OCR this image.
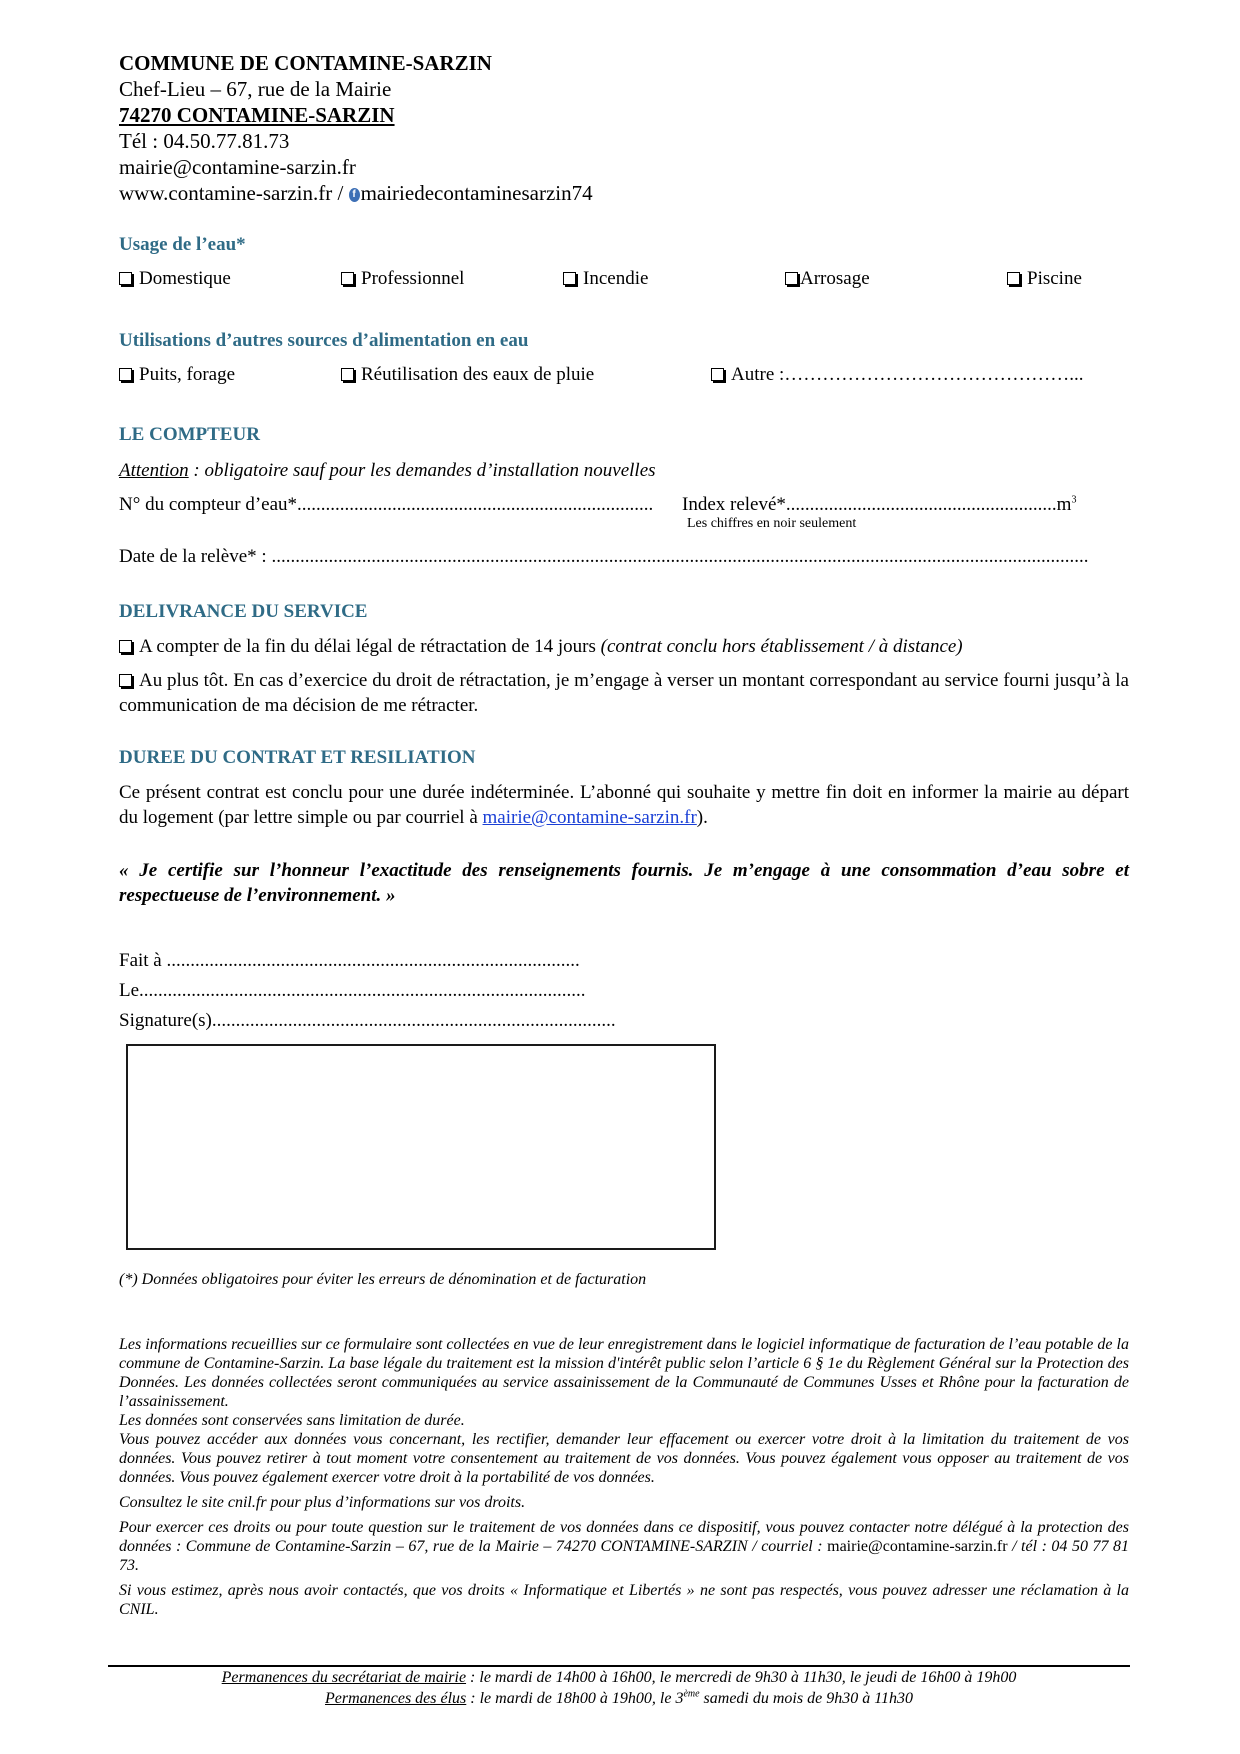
COMMUNE DE CONTAMINE-SARZIN
Chef-Lieu – 67, rue de la Mairie
74270 CONTAMINE-SARZIN
Tél : 04.50.77.81.73
mairie@contamine-sarzin.fr
www.contamine-sarzin.fr / f mairiedecontaminesarzin74
Usage de l’eau*
Domestique	Professionnel	Incendie	Arrosage	Piscine
Utilisations d’autres sources d’alimentation en eau
Puits, forage	Réutilisation des eaux de pluie	Autre :………………………………………...
LE COMPTEUR
Attention : obligatoire sauf pour les demandes d’installation nouvelles
N° du compteur d’eau*........................................................................... Index $relevé*.........................................................m^3$
Les chiffres en noir seulement
Date de la relève* : ............................................................................................................................................................................
DELIVRANCE DU SERVICE
A compter de la fin du délai légal de rétractation de 14 jours (contrat conclu hors établissement / à distance)
Au plus tôt. En cas d’exercice du droit de rétractation, je m’engage à verser un montant correspondant au service fourni jusqu’à la communication de ma décision de me rétracter.
DUREE DU CONTRAT ET RESILIATION
Ce présent contrat est conclu pour une durée indéterminée. L’abonné qui souhaite y mettre fin doit en informer la mairie au départ du logement (par lettre simple ou par courriel à mairie@contamine-sarzin.fr).
« Je certifie sur l’honneur l’exactitude des renseignements fournis. Je m’engage à une consommation d’eau sobre et respectueuse de l’environnement. »
Fait à .......................................................................................
Le..............................................................................................
Signature(s).....................................................................................
(*) Données obligatoires pour éviter les erreurs de dénomination et de facturation

Les informations recueillies sur ce formulaire sont collectées en vue de leur enregistrement dans le logiciel informatique de facturation de l’eau potable de la commune de Contamine-Sarzin. La base légale du traitement est la mission d'intérêt public selon l’article 6 § 1e du Règlement Général sur la Protection des Données. Les données collectées seront communiquées au service assainissement de la Communauté de Communes Usses et Rhône pour la facturation de l’assainissement.

Les données sont conservées sans limitation de durée.

Vous pouvez accéder aux données vous concernant, les rectifier, demander leur effacement ou exercer votre droit à la limitation du traitement de vos données. Vous pouvez retirer à tout moment votre consentement au traitement de vos données. Vous pouvez également vous opposer au traitement de vos données. Vous pouvez également exercer votre droit à la portabilité de vos données.

Consultez le site cnil.fr pour plus d’informations sur vos droits.

Pour exercer ces droits ou pour toute question sur le traitement de vos données dans ce dispositif, vous pouvez contacter notre délégué à la protection des données : Commune de Contamine-Sarzin – 67, rue de la Mairie – 74270 CONTAMINE-SARZIN / courriel : mairie@contamine-sarzin.fr / tél : 04 50 77 81 73.

Si vous estimez, après nous avoir contactés, que vos droits « Informatique et Libertés » ne sont pas respectés, vous pouvez adresser une réclamation à la CNIL.

Permanences du secrétariat de mairie : le mardi de 14h00 à 16h00, le mercredi de 9h30 à 11h30, le jeudi de 16h00 à 19h00
Permanences des élus : le mardi de 18h00 à 19h00, le 3ème samedi du mois de 9h30 à 11h30
